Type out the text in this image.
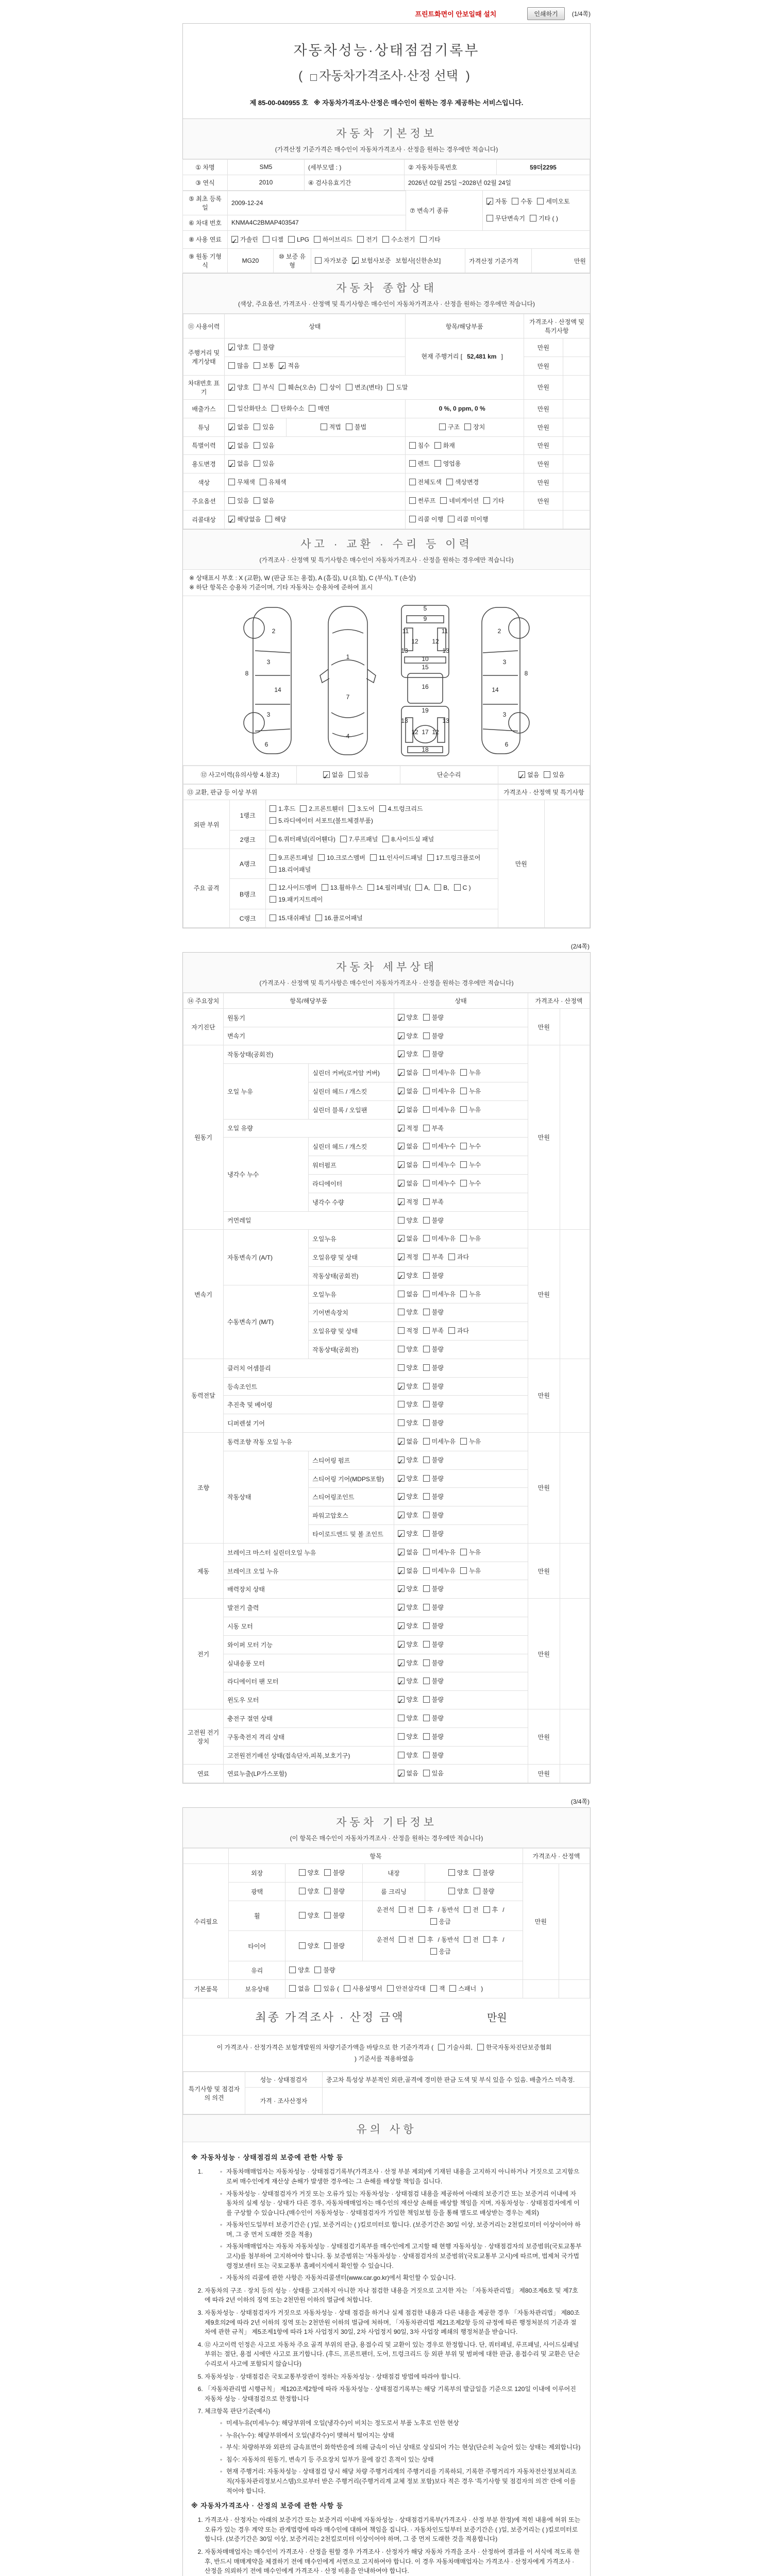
프린트화면이 안보일때 설치	인쇄하기	(1/4쪽)
자동차성능·상태점검기록부
(	자동차가격조사·산정 선택 )
제 85-00-040955 호 ※ 자동차가격조사·산정은 매수인이 원하는 경우 제공하는 서비스입니다.
자동차 기본정보
(가격산정 기준가격은 매수인이 자동차가격조사 · 산정을 원하는 경우에만 적습니다)
① 차명	SM5	(세부모델 : )	② 자동차등록번호	59더2295
③ 연식	2010	④ 검사유효기간	2026년 02월 25일 ~2028년 02월 24일
⑤ 최초 등록일
2009-12-24
⑥ 차대 번호	KNMA4C2BMAP403547
⑦ 변속기 종류
✓자동	수동	세미오토
무단변속기	기타 ( )
⑧ 사용 연료 ✓	가솔린	디젤	LPG	하이브리드	전기	수소전기	기타
⑨ 원동 기형식
MG20
⑩ 보증 유형
자가보증 ✓	보험사보증 보험사[신한손보]	가격산정 기준가격	만원
자동차 종합상태
(색상, 주요옵션, 가격조사 · 산정액 및 특기사항은 매수인이 자동차가격조사 · 산정을 원하는 경우에만 적습니다)
⑪ 사용이력	상태		항목/해당부품	가격조사 · 산정액 및 특기사항	
주행거리 및 계기상태	✓양호 불량		현재 주행거리 [52,481 km]	만원	
	많음 보통 ✓ 적음			만원	
차대번호 표기	✓양호 부식 훼손(오손) 상이 변조(변타) 도말			만원	
배출가스	일산화탄소 탄화수소 매연		0 %, 0 ppm, 0 %	만원	
튜닝	✓없음 있음	적법 불법	구조 장치	만원	
특별이력	✓없음 있음		침수 화재	만원	
용도변경	✓없음 있음		렌트 영업용	만원	
색상	무채색 유채색		전체도색 색상변경	만원	
주요옵션	있음 없음		썬루프 네비게이션 기타	만원	
리콜대상	✓해당없음 해당		리콜 이행 리콜 미이행		
사고 · 교환 · 수리 등 이력
(가격조사 · 산정액 및 특기사항은 매수인이 자동차가격조사 · 산정을 원하는 경우에만 적습니다)
※ 상태표시 부호 : X (교환), W (판금 또는 용접), A (흠집), U (요철), C (부식), T (손상)
※ 하단 항목은 승용차 기준이며, 기타 자동차는 승용차에 준하여 표시
2
8
3
14
3
6
1
7
4
5
9
11	11
12 12
13	13
10
15
16
19
13	13
17
12 12
18
2
8
3
14
3
6
⑫ 사고이력(유의사항 4.참조)	✓없음 있음	단순수리	✓없음 있음
⑬ 교환, 판금 등 이상 부위			가격조사 · 산정액 및 특기사항	
외판 부위	1랭크	1.후드 2.프론트휀더 3.도어 4.트렁크리드5.라디에이터 서포트(볼트체결부품)	만원	
	2랭크	6.쿼터패널(리어휀다) 7.루프패널 8.사이드실 패널		
주요 골격	A랭크	9.프론트패널 10.크로스멤버 11.인사이드패널 17.트렁크플로어18.리어패널		
	B랭크	12.사이드멤버 13.휠하우스 14.필러패널( A, B, C )19.패키지트레이		
	C랭크	15.대쉬패널 16.플로어패널		
(2/4쪽)
자동차 세부상태
(가격조사 · 산정액 및 특기사항은 매수인이 자동차가격조사 · 산정을 원하는 경우에만 적습니다)
⑭ 주요장치	항목/해당부품		상태	가격조사 · 산정액	
자기진단	원동기	✓양호 불량	만원	
	변속기	✓양호 불량
원동기	작동상태(공회전)	✓양호 불량	만원	
	오일 누유	실린더 커버(로커암 커버)	✓없음 미세누유 누유
		실린더 헤드 / 개스킷	✓없음 미세누유 누유
		실린더 블록 / 오일팬	✓없음 미세누유 누유
	오일 유량	✓적정 부족
	냉각수 누수	실린더 헤드 / 개스킷	✓없음 미세누수 누수
		워터펌프	✓없음 미세누수 누수
		라디에이터	✓없음 미세누수 누수
		냉각수 수량	✓적정 부족
	커먼레일		양호 불량		
변속기	자동변속기 (A/T)	오일누유	✓없음 미세누유 누유	만원	
		오일유량 및 상태	✓적정 부족 과다
		작동상태(공회전)	✓양호 불량
	수동변속기 (M/T)	오일누유	없음 미세누유 누유		
		기어변속장치	양호 불량		
		오일유량 및 상태	적정 부족 과다		
		작동상태(공회전)	양호 불량		
동력전달	클러치 어셈블리		양호 불량	만원	
	등속조인트	✓양호 불량
	추진축 및 베어링		양호 불량		
	디퍼렌셜 기어		양호 불량		
조향	동력조향 작동 오일 누유	✓없음 미세누유 누유	만원	
	작동상태	스티어링 펌프	✓양호 불량
		스티어링 기어(MDPS포함)	✓양호 불량
		스티어링조인트	✓양호 불량
		파워고압호스	✓양호 불량
		타이로드엔드 및 볼 조인트	✓양호 불량
제동	브레이크 마스터 실린더오일 누유	✓없음 미세누유 누유	만원	
	브레이크 오일 누유	✓없음 미세누유 누유
	배력장치 상태	✓양호 불량
전기	발전기 출력	✓양호 불량	만원	
	시동 모터	✓양호 불량
	와이퍼 모터 기능	✓양호 불량
	실내송풍 모터	✓양호 불량
	라디에이터 팬 모터	✓양호 불량
	윈도우 모터	✓양호 불량
고전원 전기장치	충전구 절연 상태		양호 불량	만원	
	구동축전지 격리 상태		양호 불량		
	고전원전기배선 상태(접속단자,피복,보호기구)		양호 불량		
연료	연료누출(LP가스포함)	✓없음 있음	만원	
(3/4쪽)
자동차 기타정보
(이 항목은 매수인이 자동차가격조사 · 산정을 원하는 경우에만 적습니다)
	항목				가격조사 · 산정액	
수리필요	외장	양호 불량	내장	양호 불량	만원	
	광택	양호 불량	룸 크리닝	양호 불량		
	휠	양호 불량	운전석 전 후 / 동반석 전 후 /응급			
	타이어	양호 불량	운전석 전 후 / 동반석 전 후 /응급			
	유리	양호 불량				
기본품목	보유상태	없음 있음 ( 사용설명서 안전삼각대 잭 스패너 )				
최종 가격조사 · 산정 금액	만원
이 가격조사 · 산정가격은 보험개발원의 차량기준가액을 바탕으로 한 기준가격과 ( 기술사회, 한국자동차진단보증협회) 기준서를 적용하였음
특기사항 및 점검자의 의견	성능 · 상태점검자	중고차 특성상 부분적인 외판,골격에 경미한 판금 도색 및 부식 있을 수 있음. 배출가스 미측정.
	가격 · 조사산정자	
유의 사항
※ 자동차성능 · 상태점검의 보증에 관한 사항 등
◦ 1. 자동차매매업자는 자동차성능 · 상태점검기록부(가격조사 · 산정 부분 제외)에 기재된 내용을 고지하지 아니하거나 거짓으로 고지함으로써 매수인에게 재산상 손해가 발생한 경우에는 그 손해를 배상할 책임을 집니다.
◦ 자동차성능 · 상태점검자가 거짓 또는 오류가 있는 자동차성능 · 상태점검 내용을 제공하여 아래의 보증기간 또는 보증거리 이내에 자동차의 실제 성능 · 상태가 다른 경우, 자동차매매업자는 매수인의 재산상 손해를 배상할 책임을 지며, 자동차성능 · 상태점검자에게 이를 구상할 수 있습니다.(매수인이 자동차성능 · 상태점검자가 가입한 책임보험 등을 통해 별도로 배상받는 경우는 제외)
◦ 자동차인도일부터 보증기간은 ( )일, 보증거리는 ( )킬로미터로 합니다. (보증기간은 30일 이상, 보증거리는 2천킬로미터 이상이어야 하며, 그 중 먼저 도래한 것을 적용)
◦ 자동차매매업자는 자동차 자동차성능 · 상태점검기록부를 매수인에게 고지할 때 현행 자동차성능 · 상태점검자의 보증범위(국토교통부 고시)를 첨부하여 고지하여야 합니다. 동 보증범위는 '자동차성능 · 상태점검자의 보증범위'(국토교통부 고시)에 따르며, 법제처 국가법령정보센터 또는 국토교통부 홈페이지에서 확인할 수 있습니다.
◦ 자동차의 리콜에 관한 사항은 자동차리콜센터(www.car.go.kr)에서 확인할 수 있습니다.
2. 자동차의 구조 · 장치 등의 성능 · 상태를 고지하지 아니한 자나 점검한 내용을 거짓으로 고지한 자는 「자동차관리법」 제80조제6호 및 제7호에 따라 2년 이하의 징역 또는 2천만원 이하의 벌금에 처합니다.
3. 자동차성능 · 상태점검자가 거짓으로 자동차성능 · 상태 점검을 하거나 실제 점검한 내용과 다른 내용을 제공한 경우 「자동차관리법」 제80조제9호의2에 따라 2년 이하의 징역 또는 2천만원 이하의 벌금에 처하며, 「자동차관리법 제21조제2항 등의 규정에 따른 행정처분의 기준과 절차에 관한 규칙」 제5조제1항에 따라 1차 사업정지 30일, 2차 사업정지 90일, 3차 사업장 폐쇄의 행정처분을 받습니다.
4. ⑫ 사고이력 인정은 사고로 자동차 주요 골격 부위의 판금, 용접수리 및 교환이 있는 경우로 한정합니다. 단, 쿼터패널, 루프패널, 사이드실패널 부위는 절단, 용접 시에만 사고로 표기합니다. (후드, 프론트펜더, 도어, 트렁크리드 등 외판 부위 및 범퍼에 대한 판금, 용접수리 및 교환은 단순수리로서 사고에 포함되지 않습니다)
5. 자동차성능 · 상태점검은 국토교통부장관이 정하는 자동차성능 · 상태점검 방법에 따라야 합니다.
6. 「자동차관리법 시행규칙」 제120조제2항에 따라 자동차성능 · 상태점검기록부는 해당 기록부의 발급일을 기준으로 120일 이내에 이루어진 자동차 성능 · 상태점검으로 한정합니다
7. 체크항목 판단기준(예시)
◦ 미세누유(미세누수): 해당부위에 오일(냉각수)이 비치는 정도로서 부품 노후로 인한 현상
◦ 누유(누수): 해당부위에서 오일(냉각수)이 맺혀서 떨어지는 상태
◦ 부식: 차량하부와 외판의 금속표면이 화학반응에 의해 금속이 아닌 상태로 상실되어 가는 현상(단순히 녹슬어 있는 상태는 제외합니다)
◦ 침수: 자동차의 원동기, 변속기 등 주요장치 일부가 물에 잠긴 흔적이 있는 상태
◦ 현재 주행거리: 자동차성능 · 상태점검 당시 해당 차량 주행거리계의 주행거리를 기록하되, 기록한 주행거리가 자동차전산정보처리조직(자동차관리정보시스템)으로부터 받은 주행거리(주행거리계 교체 정보 포함)보다 적은 경우 '특기사항 및 점검자의 의견' 란에 이를 적어야 합니다.
※ 자동차가격조사 · 산정의 보증에 관한 사항 등
1. 가격조사 · 산정자는 아래의 보증기간 또는 보증거리 이내에 자동차성능 · 상태점검기록부(가격조사 · 산정 부분 한정)에 적힌 내용에 허위 또는 오류가 있는 경우 계약 또는 관계법령에 따라 매수인에 대하여 책임을 집니다. · 자동차인도일부터 보증기간은 ( )일, 보증거리는 ( )킬로미터로 합니다. (보증기간은 30일 이상, 보증거리는 2천킬로미터 이상이어야 하며, 그 중 먼저 도래한 것을 적용합니다)
2. 자동차매매업자는 매수인이 가격조사 · 산정을 원할 경우 가격조사 · 산정자가 해당 자동차 가격을 조사 · 산정하여 결과를 이 서식에 적도록 한 후, 반드시 매매계약을 체결하기 전에 매수인에게 서면으로 고지하여야 합니다. 이 경우 자동차매매업자는 가격조사 · 산정자에게 가격조사 · 산정을 의뢰하기 전에 매수인에게 가격조사 · 산정 비용을 안내하여야 합니다.
